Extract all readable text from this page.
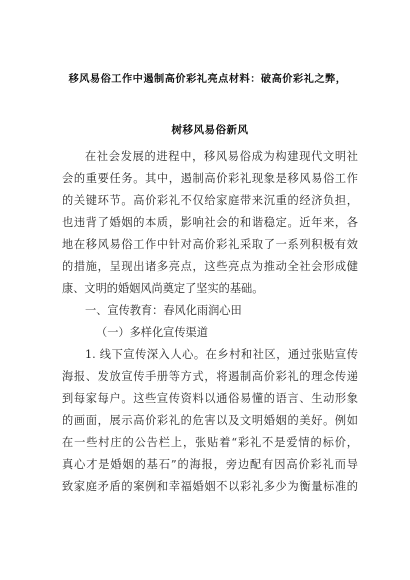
移风易俗工作中遏制高价彩礼亮点材料：破高价彩礼之弊，
树移风易俗新风
在社会发展的进程中，移风易俗成为构建现代文明社
会的重要任务。其中，遏制高价彩礼现象是移风易俗工作
的关键环节。高价彩礼不仅给家庭带来沉重的经济负担，
也违背了婚姻的本质，影响社会的和谐稳定。近年来，各
地在移风易俗工作中针对高价彩礼采取了一系列积极有效
的措施，呈现出诸多亮点，这些亮点为推动全社会形成健
康、文明的婚姻风尚奠定了坚实的基础。
一、宣传教育：春风化雨润心田
（一）多样化宣传渠道
1. 线下宣传深入人心。在乡村和社区，通过张贴宣传
海报、发放宣传手册等方式，将遏制高价彩礼的理念传递
到每家每户。这些宣传资料以通俗易懂的语言、生动形象
的画面，展示高价彩礼的危害以及文明婚姻的美好。例如
在一些村庄的公告栏上，张贴着“彩礼不是爱情的标价，
真心才是婚姻的基石”的海报，旁边配有因高价彩礼而导
致家庭矛盾的案例和幸福婚姻不以彩礼多少为衡量标准的
